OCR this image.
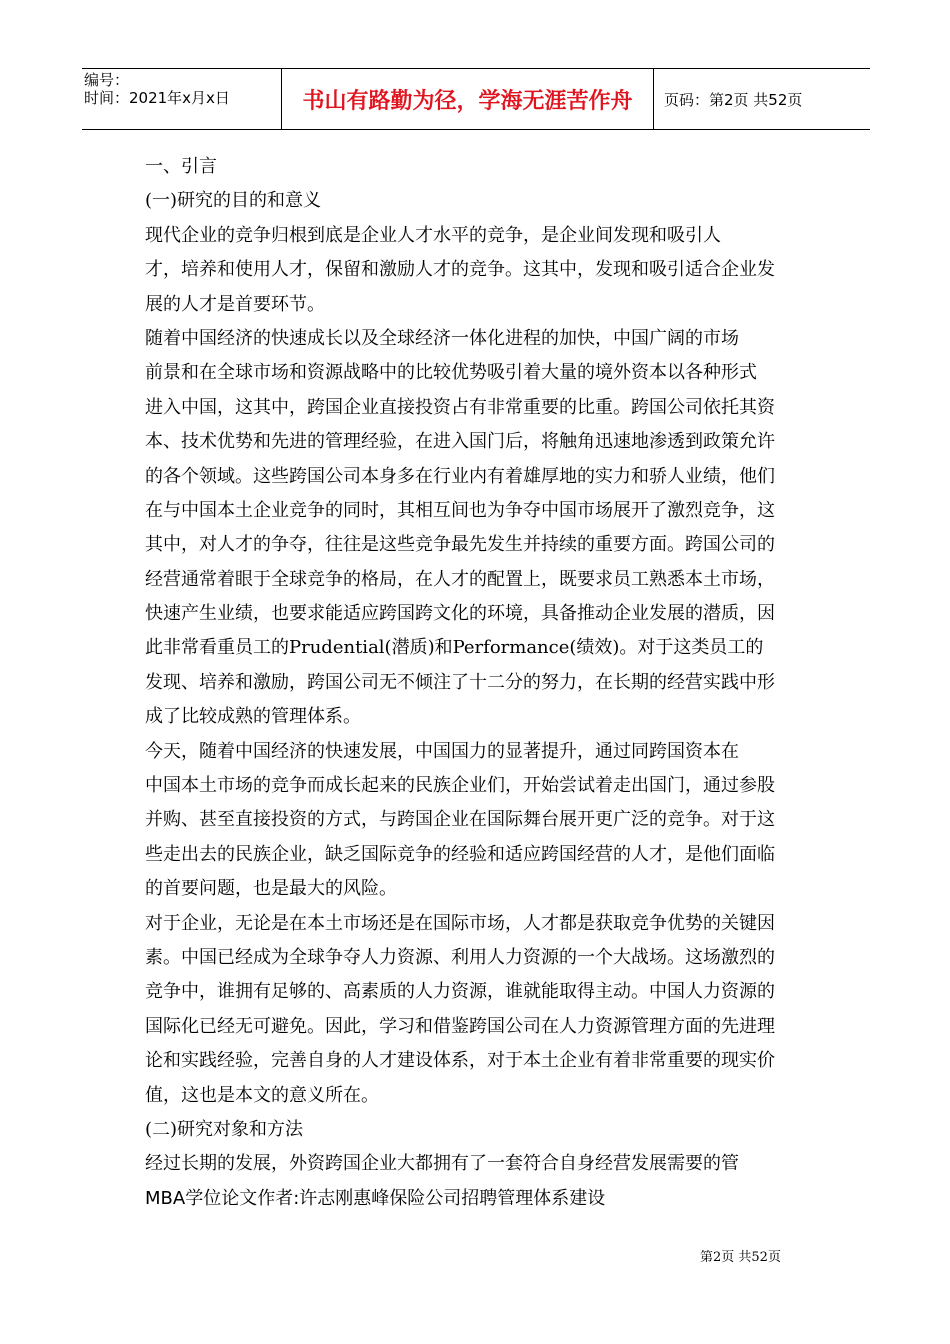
编号：
时间：2021年x月x日	书山有路勤为径，学海无涯苦作舟	页码：第2页 共52页
一、引言
(一)研究的目的和意义
现代企业的竞争归根到底是企业人才水平的竞争，是企业间发现和吸引人
才，培养和使用人才，保留和激励人才的竞争。这其中，发现和吸引适合企业发
展的人才是首要环节。
随着中国经济的快速成长以及全球经济一体化进程的加快，中国广阔的市场
前景和在全球市场和资源战略中的比较优势吸引着大量的境外资本以各种形式
进入中国，这其中，跨国企业直接投资占有非常重要的比重。跨国公司依托其资
本、技术优势和先进的管理经验，在进入国门后，将触角迅速地渗透到政策允许
的各个领域。这些跨国公司本身多在行业内有着雄厚地的实力和骄人业绩，他们
在与中国本土企业竞争的同时，其相互间也为争夺中国市场展开了激烈竞争，这
其中，对人才的争夺，往往是这些竞争最先发生并持续的重要方面。跨国公司的
经营通常着眼于全球竞争的格局，在人才的配置上，既要求员工熟悉本土市场，
快速产生业绩，也要求能适应跨国跨文化的环境，具备推动企业发展的潜质，因
此非常看重员工的Prudential(潜质)和Performance(绩效)。对于这类员工的
发现、培养和激励，跨国公司无不倾注了十二分的努力，在长期的经营实践中形
成了比较成熟的管理体系。
今天，随着中国经济的快速发展，中国国力的显著提升，通过同跨国资本在
中国本土市场的竞争而成长起来的民族企业们，开始尝试着走出国门，通过参股
并购、甚至直接投资的方式，与跨国企业在国际舞台展开更广泛的竞争。对于这
些走出去的民族企业，缺乏国际竞争的经验和适应跨国经营的人才，是他们面临
的首要问题，也是最大的风险。
对于企业，无论是在本土市场还是在国际市场，人才都是获取竞争优势的关键因
素。中国已经成为全球争夺人力资源、利用人力资源的一个大战场。这场激烈的
竞争中，谁拥有足够的、高素质的人力资源，谁就能取得主动。中国人力资源的
国际化已经无可避免。因此，学习和借鉴跨国公司在人力资源管理方面的先进理
论和实践经验，完善自身的人才建设体系，对于本土企业有着非常重要的现实价
值，这也是本文的意义所在。
(二)研究对象和方法
经过长期的发展，外资跨国企业大都拥有了一套符合自身经营发展需要的管
MBA学位论文作者:许志刚惠峰保险公司招聘管理体系建设
第2页 共52页
